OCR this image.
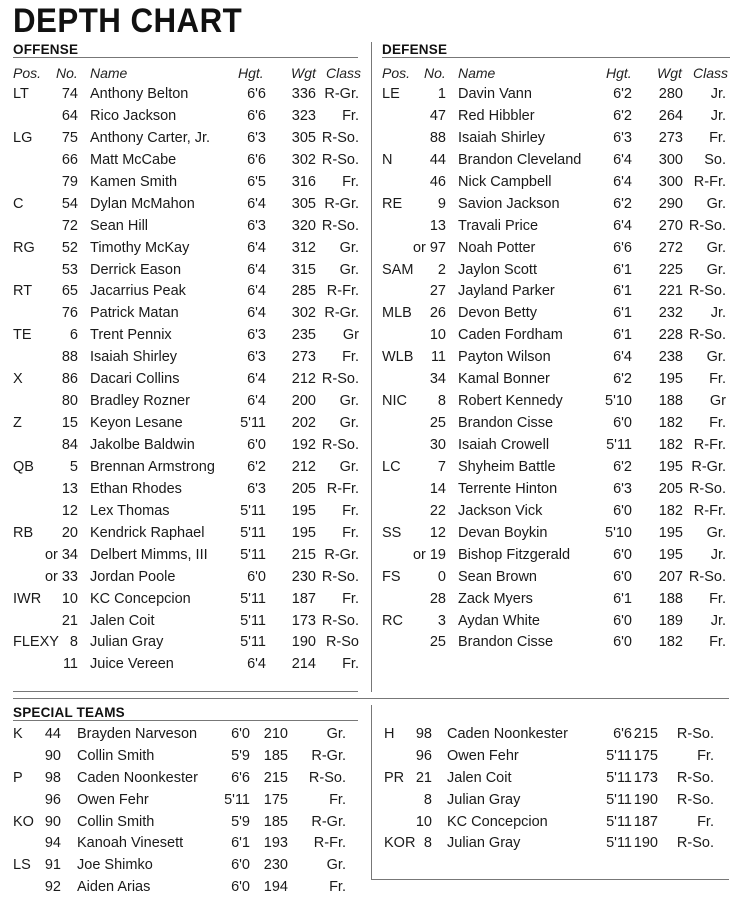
DEPTH CHART
OFFENSE	DEFENSE
Pos. No. Name	Hgt. Wgt Class Pos. No. Name	Hgt. Wgt Class
LT	74 Anthony Belton	6'6	336 R-Gr.
64 Rico Jackson	6'6	323	Fr.
LG	75 Anthony Carter, Jr.	6'3	305 R-So.
66 Matt McCabe	6'6	302 R-So.
79 Kamen Smith	6'5	316	Fr.
C	54 Dylan McMahon	6'4	305 R-Gr.
72 Sean Hill	6'3	320 R-So.
RG	52 Timothy McKay	6'4	312	Gr.
53 Derrick Eason	6'4	315	Gr.
RT	65 Jacarrius Peak	6'4	285 R-Fr.
76 Patrick Matan	6'4	302 R-Gr.
TE	6 Trent Pennix	6'3	235	Gr
88 Isaiah Shirley	6'3	273	Fr.
X	86 Dacari Collins	6'4	212 R-So.
80 Bradley Rozner	6'4	200	Gr.
Z	15 Keyon Lesane	5'11	202	Gr.
84 Jakolbe Baldwin	6'0	192 R-So.
QB	5 Brennan Armstrong	6'2	212	Gr.
13 Ethan Rhodes	6'3	205 R-Fr.
12 Lex Thomas	5'11	195	Fr.
RB	20 Kendrick Raphael	5'11	195	Fr.
or 34 Delbert Mimms, III	5'11	215 R-Gr.
or 33 Jordan Poole	6'0	230 R-So.
IWR	10 KC Concepcion	5'11	187	Fr.
21 Jalen Coit	5'11	173 R-So.
FLEXY 8 Julian Gray	5'11	190 R-So
11 Juice Vereen	6'4	214	Fr.
LE	1 Davin Vann	6'2	280	Jr.
47 Red Hibbler	6'2	264	Jr.
88 Isaiah Shirley	6'3	273	Fr.
N	44 Brandon Cleveland	6'4	300	So.
46 Nick Campbell	6'4	300 R-Fr.
RE	9 Savion Jackson	6'2	290	Gr.
13 Travali Price	6'4	270 R-So.
or 97 Noah Potter	6'6	272	Gr.
SAM	2 Jaylon Scott	6'1	225	Gr.
27 Jayland Parker	6'1	221 R-So.
MLB	26 Devon Betty	6'1	232	Jr.
10 Caden Fordham	6'1	228 R-So.
WLB	11 Payton Wilson	6'4	238	Gr.
34 Kamal Bonner	6'2	195	Fr.
NIC	8 Robert Kennedy	5'10	188	Gr
25 Brandon Cisse	6'0	182	Fr.
30 Isaiah Crowell	5'11	182 R-Fr.
LC	7 Shyheim Battle	6'2	195 R-Gr.
14 Terrente Hinton	6'3	205 R-So.
22 Jackson Vick	6'0	182 R-Fr.
SS	12 Devan Boykin	5'10	195	Gr.
or 19 Bishop Fitzgerald	6'0	195	Jr.
FS	0 Sean Brown	6'0	207 R-So.
28 Zack Myers	6'1	188	Fr.
RC	3 Aydan White	6'0	189	Jr.
25 Brandon Cisse	6'0	182	Fr.
SPECIAL TEAMS
K	44 Brayden Narveson	6'0 210	Gr.
90 Collin Smith	5'9 185	R-Gr.
P	98 Caden Noonkester	6'6 215	R-So.
96 Owen Fehr	5'11 175	Fr.
KO 90 Collin Smith	5'9 185	R-Gr.
94 Kanoah Vinesett	6'1 193	R-Fr.
LS 91 Joe Shimko	6'0 230	Gr.
92 Aiden Arias	6'0 194	Fr.
H	98 Caden Noonkester	6'6 215	R-So.
96 Owen Fehr	5'11 175	Fr.
PR 21 Jalen Coit	5'11 173	R-So.
8 Julian Gray	5'11 190	R-So.
10 KC Concepcion	5'11 187	Fr.
KOR 8 Julian Gray	5'11 190	R-So.
